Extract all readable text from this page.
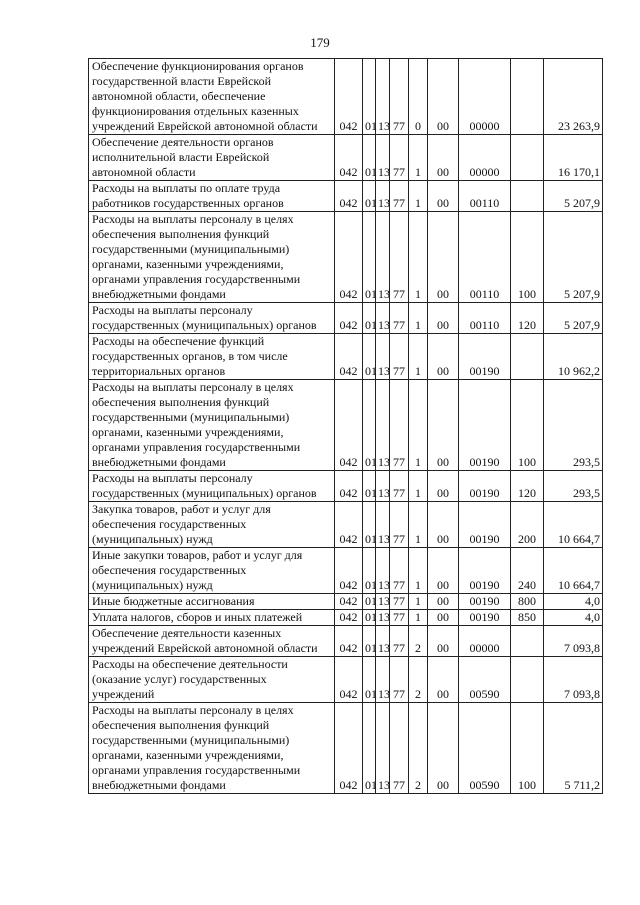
179
Обеспечение функционирования органов государственной власти Еврейской автономной области, обеспечение функционирования отдельных казенных учреждений Еврейской автономной области	042	01	13	77	0	00	00000		23 263,9
Обеспечение деятельности органов исполнительной власти Еврейской автономной области	042	01	13	77	1	00	00000		16 170,1
Расходы на выплаты по оплате труда работников государственных органов	042	01	13	77	1	00	00110		5 207,9
Расходы на выплаты персоналу в целях обеспечения выполнения функций государственными (муниципальными) органами, казенными учреждениями, органами управления государственными внебюджетными фондами	042	01	13	77	1	00	00110	100	5 207,9
Расходы на выплаты персоналу государственных (муниципальных) органов	042	01	13	77	1	00	00110	120	5 207,9
Расходы на обеспечение функций государственных органов, в том числе территориальных органов	042	01	13	77	1	00	00190		10 962,2
Расходы на выплаты персоналу в целях обеспечения выполнения функций государственными (муниципальными) органами, казенными учреждениями, органами управления государственными внебюджетными фондами	042	01	13	77	1	00	00190	100	293,5
Расходы на выплаты персоналу государственных (муниципальных) органов	042	01	13	77	1	00	00190	120	293,5
Закупка товаров, работ и услуг для обеспечения государственных (муниципальных) нужд	042	01	13	77	1	00	00190	200	10 664,7
Иные закупки товаров, работ и услуг для обеспечения государственных (муниципальных) нужд	042	01	13	77	1	00	00190	240	10 664,7
Иные бюджетные ассигнования	042	01	13	77	1	00	00190	800	4,0
Уплата налогов, сборов и иных платежей	042	01	13	77	1	00	00190	850	4,0
Обеспечение деятельности казенных учреждений Еврейской автономной области	042	01	13	77	2	00	00000		7 093,8
Расходы на обеспечение деятельности (оказание услуг) государственных учреждений	042	01	13	77	2	00	00590		7 093,8
Расходы на выплаты персоналу в целях обеспечения выполнения функций государственными (муниципальными) органами, казенными учреждениями, органами управления государственными внебюджетными фондами	042	01	13	77	2	00	00590	100	5 711,2
